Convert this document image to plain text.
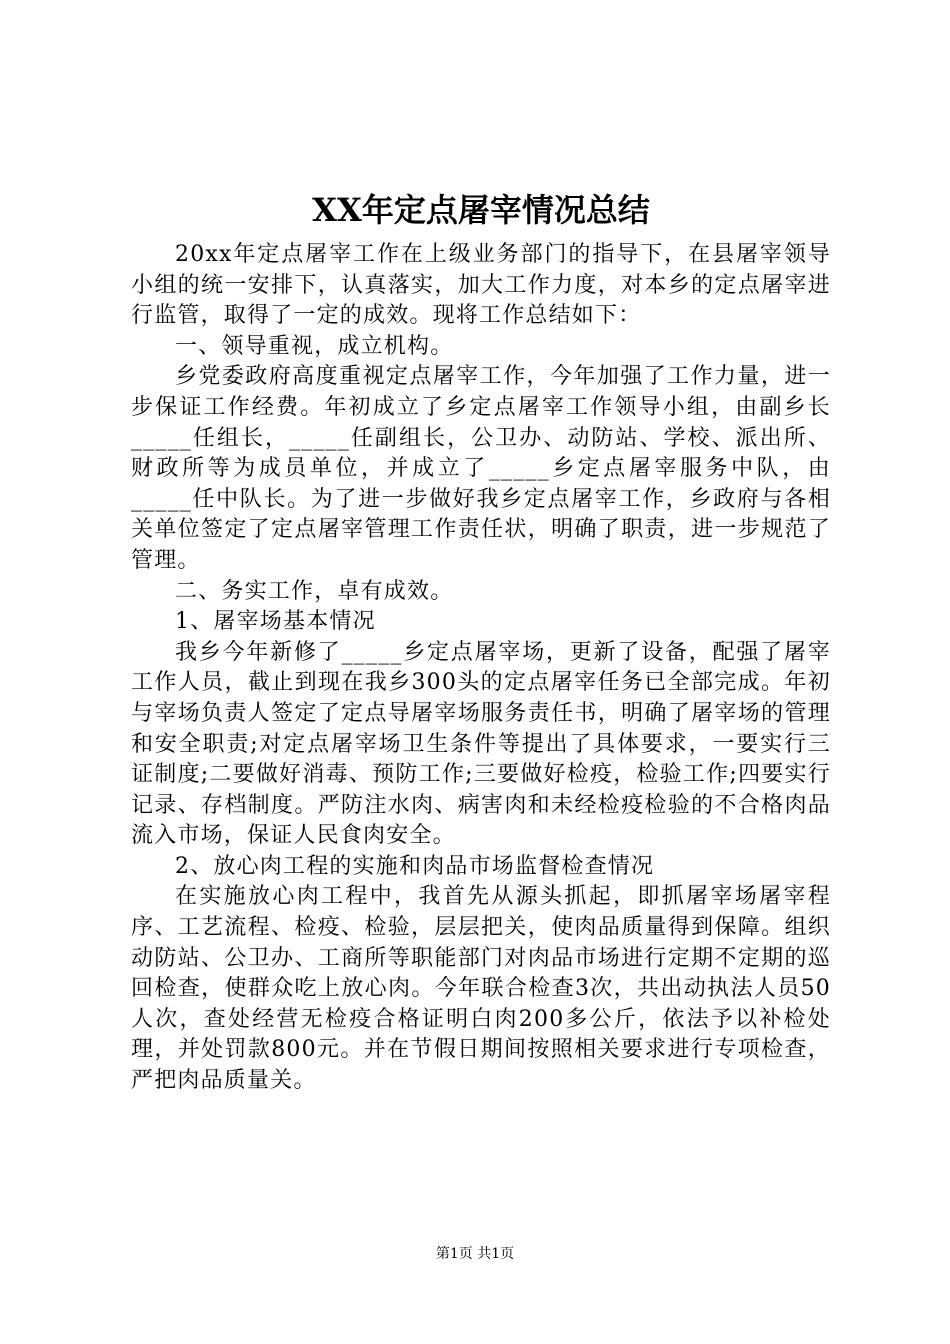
XX年定点屠宰情况总结

20xx年定点屠宰工作在上级业务部门的指导下，在县屠宰领导小组的统一安排下，认真落实，加大工作力度，对本乡的定点屠宰进行监管，取得了一定的成效。现将工作总结如下：

一、领导重视，成立机构。

乡党委政府高度重视定点屠宰工作，今年加强了工作力量，进一步保证工作经费。年初成立了乡定点屠宰工作领导小组，由副乡长_____任组长，_____任副组长，公卫办、动防站、学校、派出所、财政所等为成员单位，并成立了_____乡定点屠宰服务中队，由_____任中队长。为了进一步做好我乡定点屠宰工作，乡政府与各相关单位签定了定点屠宰管理工作责任状，明确了职责，进一步规范了管理。

二、务实工作，卓有成效。

1、屠宰场基本情况

我乡今年新修了_____乡定点屠宰场，更新了设备，配强了屠宰工作人员，截止到现在我乡300头的定点屠宰任务已全部完成。年初与宰场负责人签定了定点导屠宰场服务责任书，明确了屠宰场的管理和安全职责;对定点屠宰场卫生条件等提出了具体要求，一要实行三证制度;二要做好消毒、预防工作;三要做好检疫，检验工作;四要实行记录、存档制度。严防注水肉、病害肉和未经检疫检验的不合格肉品流入市场，保证人民食肉安全。

2、放心肉工程的实施和肉品市场监督检查情况

在实施放心肉工程中，我首先从源头抓起，即抓屠宰场屠宰程序、工艺流程、检疫、检验，层层把关，使肉品质量得到保障。组织动防站、公卫办、工商所等职能部门对肉品市场进行定期不定期的巡回检查，使群众吃上放心肉。今年联合检查3次，共出动执法人员50人次，查处经营无检疫合格证明白肉200多公斤，依法予以补检处理，并处罚款800元。并在节假日期间按照相关要求进行专项检查，严把肉品质量关。

第1页 共1页
